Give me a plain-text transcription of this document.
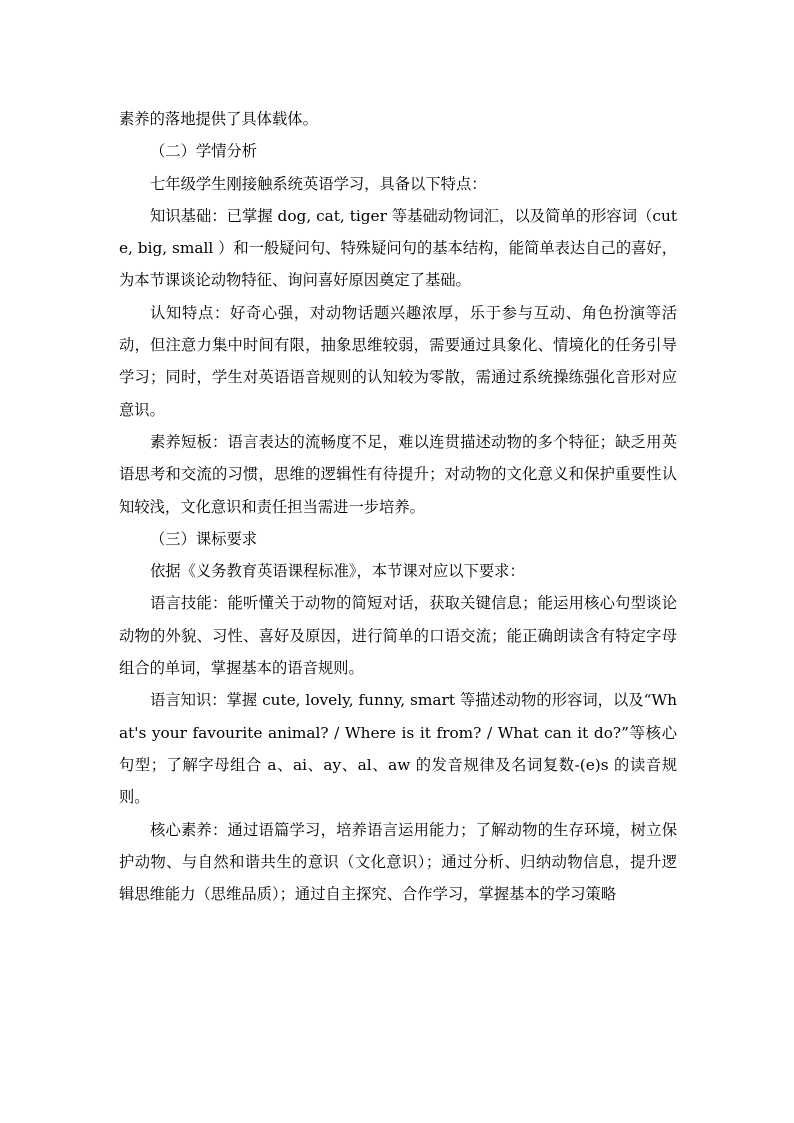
素养的落地提供了具体载体。

（二）学情分析

七年级学生刚接触系统英语学习，具备以下特点：

知识基础：已掌握 dog, cat, tiger 等基础动物词汇，以及简单的形容词（cute, big, small ）和一般疑问句、特殊疑问句的基本结构，能简单表达自己的喜好，为本节课谈论动物特征、询问喜好原因奠定了基础。

认知特点：好奇心强，对动物话题兴趣浓厚，乐于参与互动、角色扮演等活动，但注意力集中时间有限，抽象思维较弱，需要通过具象化、情境化的任务引导学习；同时，学生对英语语音规则的认知较为零散，需通过系统操练强化音形对应意识。

素养短板：语言表达的流畅度不足，难以连贯描述动物的多个特征；缺乏用英语思考和交流的习惯，思维的逻辑性有待提升；对动物的文化意义和保护重要性认知较浅，文化意识和责任担当需进一步培养。

（三）课标要求

依据《义务教育英语课程标准》，本节课对应以下要求：

语言技能：能听懂关于动物的简短对话，获取关键信息；能运用核心句型谈论动物的外貌、习性、喜好及原因，进行简单的口语交流；能正确朗读含有特定字母组合的单词，掌握基本的语音规则。

语言知识：掌握 cute, lovely, funny, smart 等描述动物的形容词，以及“What's your favourite animal? / Where is it from? / What can it do?”等核心句型；了解字母组合 a、ai、ay、al、aw 的发音规律及名词复数-(e)s 的读音规则。

核心素养：通过语篇学习，培养语言运用能力；了解动物的生存环境，树立保护动物、与自然和谐共生的意识（文化意识）；通过分析、归纳动物信息，提升逻辑思维能力（思维品质）；通过自主探究、合作学习，掌握基本的学习策略
